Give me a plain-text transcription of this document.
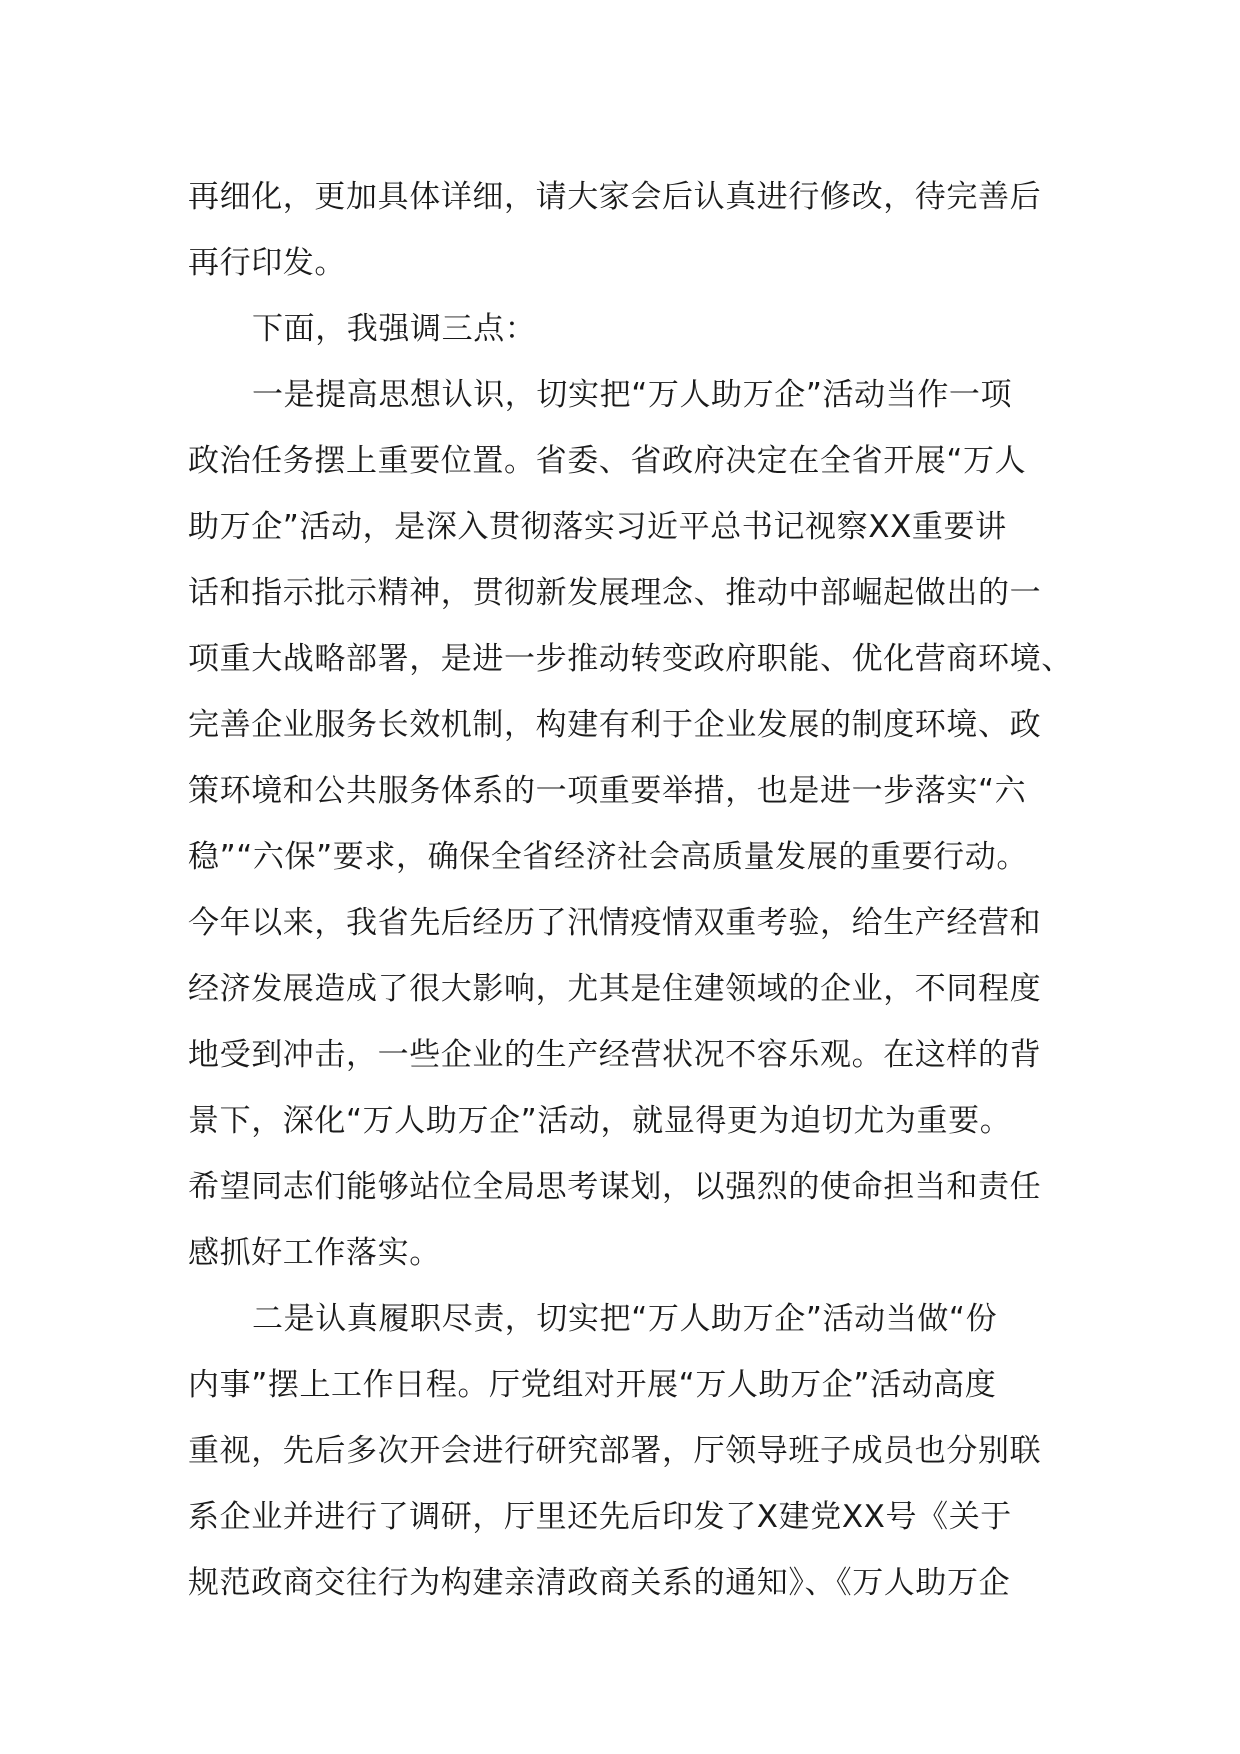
再细化，更加具体详细，请大家会后认真进行修改，待完善后
再行印发。
下面，我强调三点：
一是提高思想认识，切实把“万人助万企”活动当作一项
政治任务摆上重要位置。省委、省政府决定在全省开展“万人
助万企”活动，是深入贯彻落实习近平总书记视察XX重要讲
话和指示批示精神，贯彻新发展理念、推动中部崛起做出的一
项重大战略部署，是进一步推动转变政府职能、优化营商环境、
完善企业服务长效机制，构建有利于企业发展的制度环境、政
策环境和公共服务体系的一项重要举措，也是进一步落实“六
稳”“六保”要求，确保全省经济社会高质量发展的重要行动。
今年以来，我省先后经历了汛情疫情双重考验，给生产经营和
经济发展造成了很大影响，尤其是住建领域的企业，不同程度
地受到冲击，一些企业的生产经营状况不容乐观。在这样的背
景下，深化“万人助万企”活动，就显得更为迫切尤为重要。
希望同志们能够站位全局思考谋划，以强烈的使命担当和责任
感抓好工作落实。
二是认真履职尽责，切实把“万人助万企”活动当做“份
内事”摆上工作日程。厅党组对开展“万人助万企”活动高度
重视，先后多次开会进行研究部署，厅领导班子成员也分别联
系企业并进行了调研，厅里还先后印发了X建党XX号《关于
规范政商交往行为构建亲清政商关系的通知》、《万人助万企
